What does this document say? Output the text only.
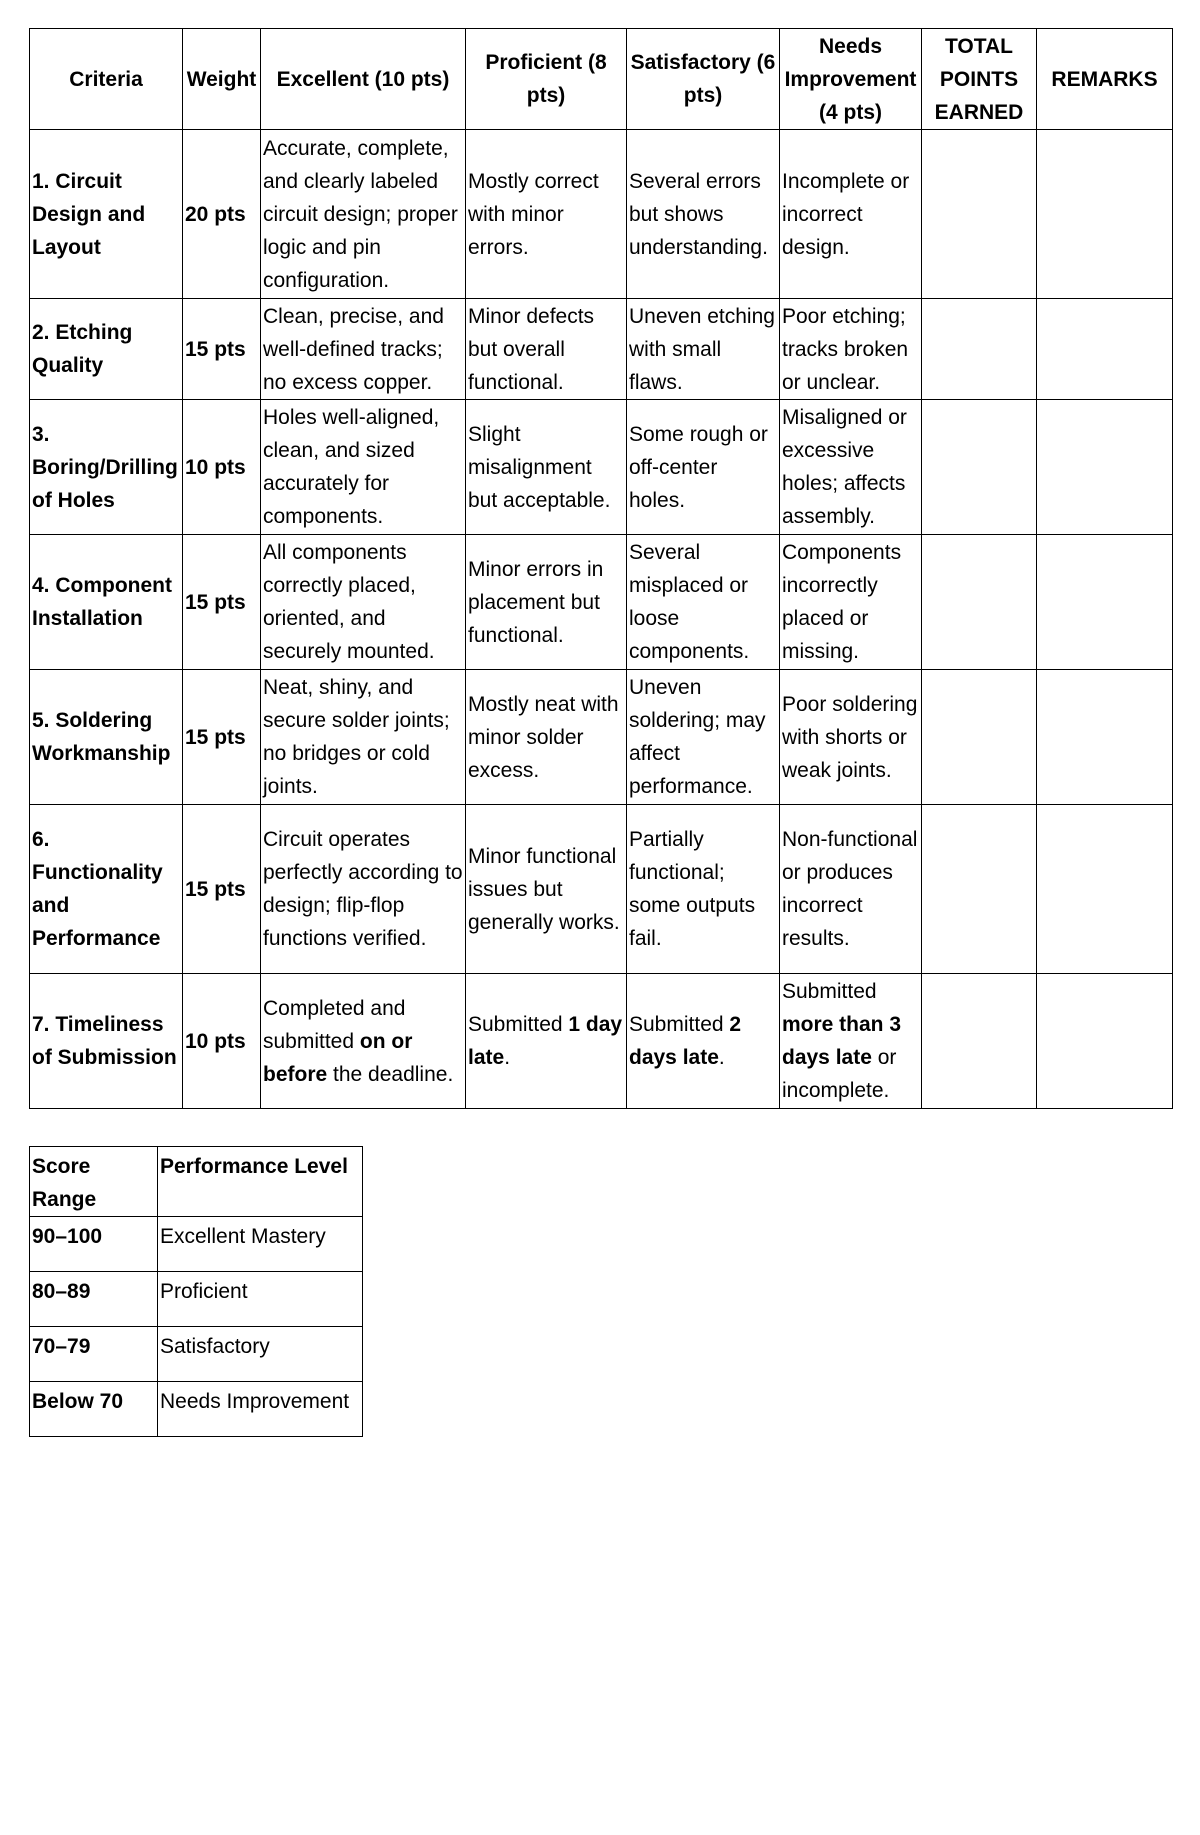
Criteria	Weight	Excellent (10 pts)	Proficient (8 pts)	Satisfactory (6 pts)	Needs Improvement (4 pts)	TOTAL POINTS EARNED	REMARKS
1. Circuit Design and Layout	20 pts	Accurate, complete, and clearly labeled circuit design; proper logic and pin configuration.	Mostly correct with minor errors.	Several errors but shows understanding.	Incomplete or incorrect design.		
2. Etching Quality	15 pts	Clean, precise, and well-defined tracks; no excess copper.	Minor defects but overall functional.	Uneven etching with small flaws.	Poor etching; tracks broken or unclear.		
3. Boring/Drilling of Holes	10 pts	Holes well-aligned, clean, and sized accurately for components.	Slight misalignment but acceptable.	Some rough or off-center holes.	Misaligned or excessive holes; affects assembly.		
4. Component Installation	15 pts	All components correctly placed, oriented, and securely mounted.	Minor errors in placement but functional.	Several misplaced or loose components.	Components incorrectly placed or missing.		
5. Soldering Workmanship	15 pts	Neat, shiny, and secure solder joints; no bridges or cold joints.	Mostly neat with minor solder excess.	Uneven soldering; may affect performance.	Poor soldering with shorts or weak joints.		
6. Functionality and Performance	15 pts	Circuit operates perfectly according to design; flip-flop functions verified.	Minor functional issues but generally works.	Partially functional; some outputs fail.	Non-functional or produces incorrect results.		
7. Timeliness of Submission	10 pts	Completed and submitted on or before the deadline.	Submitted 1 day late.	Submitted 2 days late.	Submitted more than 3 days late or incomplete.		
Score Range	Performance Level
90–100	Excellent Mastery
80–89	Proficient
70–79	Satisfactory
Below 70	Needs Improvement
